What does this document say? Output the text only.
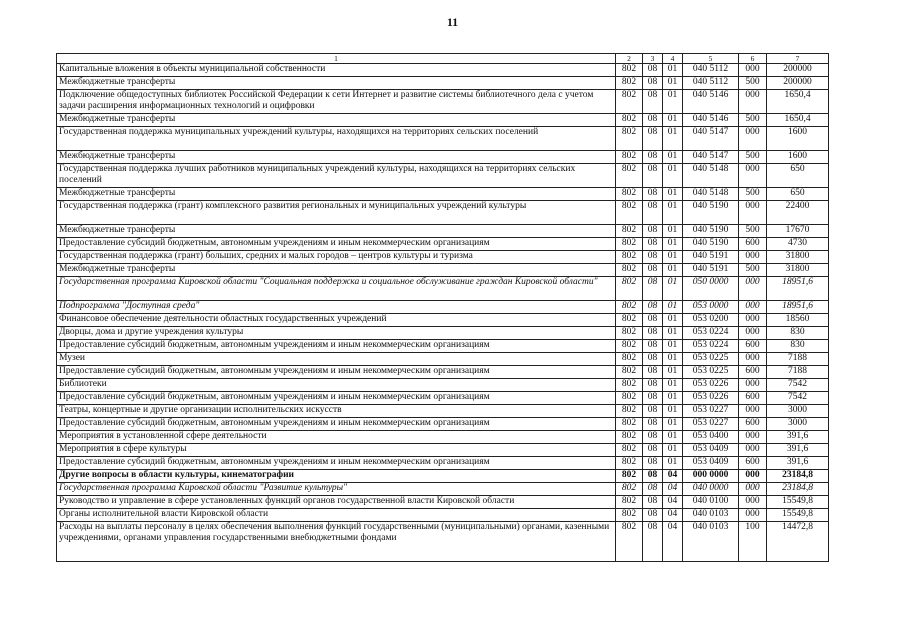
11
1	2	3	4	5	6	7
Капитальные вложения в объекты муниципальной собственности	802	08	01	040 5112	000	200000
Межбюджетные трансферты	802	08	01	040 5112	500	200000
Подключение общедоступных библиотек Российской Федерации к сети Интернет и развитие системы библиотечного дела с учетом задачи расширения информационных технологий и оцифровки	802	08	01	040 5146	000	1650,4
Межбюджетные трансферты	802	08	01	040 5146	500	1650,4
Государственная поддержка муниципальных учреждений культуры, находящихся на территориях сельских поселений	802	08	01	040 5147	000	1600
Межбюджетные трансферты	802	08	01	040 5147	500	1600
Государственная поддержка лучших работников муниципальных учреждений культуры, находящихся на территориях сельских поселений	802	08	01	040 5148	000	650
Межбюджетные трансферты	802	08	01	040 5148	500	650
Государственная поддержка (грант) комплексного развития региональных и муниципальных учреждений культуры	802	08	01	040 5190	000	22400
Межбюджетные трансферты	802	08	01	040 5190	500	17670
Предоставление субсидий бюджетным, автономным учреждениям и иным некоммерческим организациям	802	08	01	040 5190	600	4730
Государственная поддержка (грант) больших, средних и малых городов – центров культуры и туризма	802	08	01	040 5191	000	31800
Межбюджетные трансферты	802	08	01	040 5191	500	31800
Государственная программа Кировской области "Социальная поддержка и социальное обслуживание граждан Кировской области"	802	08	01	050 0000	000	18951,6
Подпрограмма "Доступная среда"	802	08	01	053 0000	000	18951,6
Финансовое обеспечение деятельности областных государственных учреждений	802	08	01	053 0200	000	18560
Дворцы, дома и другие учреждения культуры	802	08	01	053 0224	000	830
Предоставление субсидий бюджетным, автономным учреждениям и иным некоммерческим организациям	802	08	01	053 0224	600	830
Музеи	802	08	01	053 0225	000	7188
Предоставление субсидий бюджетным, автономным учреждениям и иным некоммерческим организациям	802	08	01	053 0225	600	7188
Библиотеки	802	08	01	053 0226	000	7542
Предоставление субсидий бюджетным, автономным учреждениям и иным некоммерческим организациям	802	08	01	053 0226	600	7542
Театры, концертные и другие организации исполнительских искусств	802	08	01	053 0227	000	3000
Предоставление субсидий бюджетным, автономным учреждениям и иным некоммерческим организациям	802	08	01	053 0227	600	3000
Мероприятия в установленной сфере деятельности	802	08	01	053 0400	000	391,6
Мероприятия в сфере культуры	802	08	01	053 0409	000	391,6
Предоставление субсидий бюджетным, автономным учреждениям и иным некоммерческим организациям	802	08	01	053 0409	600	391,6
Другие вопросы в области культуры, кинематографии	802	08	04	000 0000	000	23184,8
Государственная программа Кировской области "Развитие культуры"	802	08	04	040 0000	000	23184,8
Руководство и управление в сфере установленных функций органов государственной власти Кировской области	802	08	04	040 0100	000	15549,8
Органы исполнительной власти Кировской области	802	08	04	040 0103	000	15549,8
Расходы на выплаты персоналу в целях обеспечения выполнения функций государственными (муниципальными) органами, казенными учреждениями, органами управления государственными внебюджетными фондами	802	08	04	040 0103	100	14472,8
